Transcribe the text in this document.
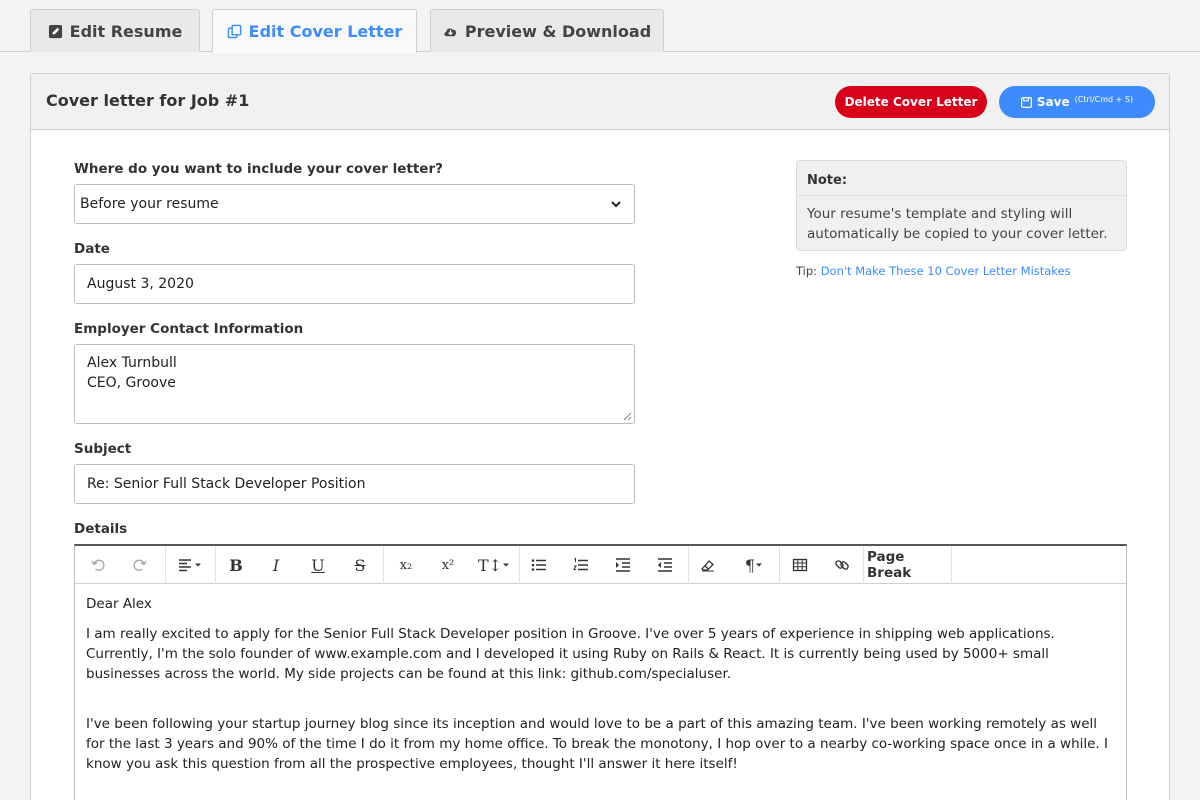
Edit Resume	Edit Cover Letter	Preview & Download
Cover letter for Job #1	Delete Cover Letter	Save (Ctrl/Cmd + S)
Where do you want to include your cover letter?
Before your resume
Date
August 3, 2020
Employer Contact Information
Alex Turnbull
CEO, Groove
Subject
Re: Senior Full Stack Developer Position
Details
Note:
Your resume's template and styling will automatically be copied to your cover letter.
Tip: Don't Make These 10 Cover Letter Mistakes
B	I	U	S	x₂	x²	T↕	¶	Page Break

Dear Alex

I am really excited to apply for the Senior Full Stack Developer position in Groove. I've over 5 years of experience in shipping web applications. Currently, I'm the solo founder of www.example.com and I developed it using Ruby on Rails & React. It is currently being used by 5000+ small businesses across the world. My side projects can be found at this link: github.com/specialuser.

I've been following your startup journey blog since its inception and would love to be a part of this amazing team. I've been working remotely as well for the last 3 years and 90% of the time I do it from my home office. To break the monotony, I hop over to a nearby co-working space once in a while. I know you ask this question from all the prospective employees, thought I'll answer it here itself!
